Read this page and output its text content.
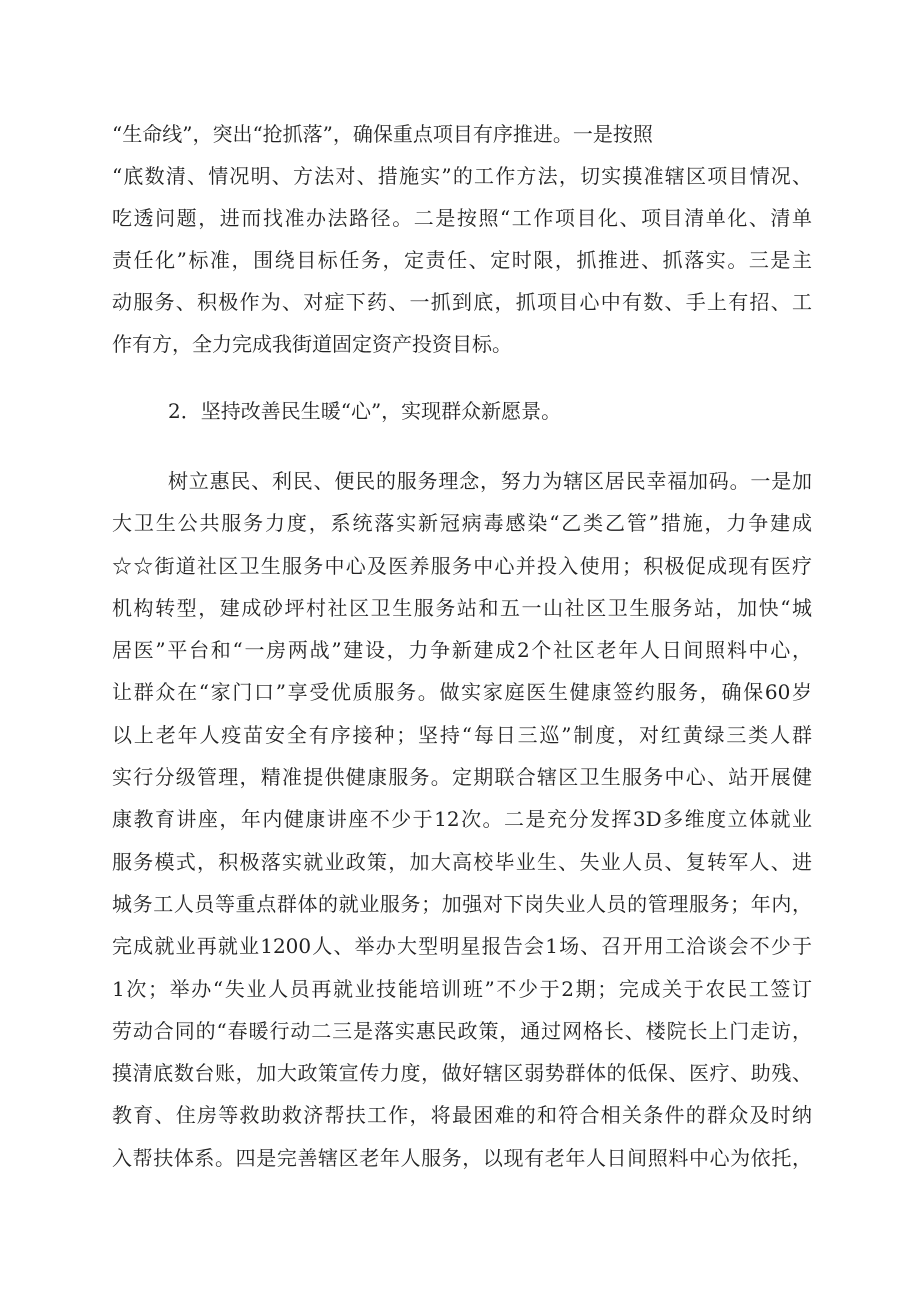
“生命线”，突出“抢抓落”，确保重点项目有序推进。一是按照
“底数清、情况明、方法对、措施实”的工作方法，切实摸准辖区项目情况、
吃透问题，进而找准办法路径。二是按照“工作项目化、项目清单化、清单
责任化”标准，围绕目标任务，定责任、定时限，抓推进、抓落实。三是主
动服务、积极作为、对症下药、一抓到底，抓项目心中有数、手上有招、工
作有方，全力完成我街道固定资产投资目标。
2．坚持改善民生暖“心”，实现群众新愿景。
树立惠民、利民、便民的服务理念，努力为辖区居民幸福加码。一是加
大卫生公共服务力度，系统落实新冠病毒感染“乙类乙管”措施，力争建成
☆☆街道社区卫生服务中心及医养服务中心并投入使用；积极促成现有医疗
机构转型，建成砂坪村社区卫生服务站和五一山社区卫生服务站，加快“城
居医”平台和“一房两战”建设，力争新建成2个社区老年人日间照料中心，
让群众在“家门口”享受优质服务。做实家庭医生健康签约服务，确保60岁
以上老年人疫苗安全有序接种；坚持“每日三巡”制度，对红黄绿三类人群
实行分级管理，精准提供健康服务。定期联合辖区卫生服务中心、站开展健
康教育讲座，年内健康讲座不少于12次。二是充分发挥3D多维度立体就业
服务模式，积极落实就业政策，加大高校毕业生、失业人员、复转军人、进
城务工人员等重点群体的就业服务；加强对下岗失业人员的管理服务；年内，
完成就业再就业1200人、举办大型明星报告会1场、召开用工洽谈会不少于
1次；举办“失业人员再就业技能培训班”不少于2期；完成关于农民工签订
劳动合同的“春暖行动二三是落实惠民政策，通过网格长、楼院长上门走访，
摸清底数台账，加大政策宣传力度，做好辖区弱势群体的低保、医疗、助残、
教育、住房等救助救济帮扶工作，将最困难的和符合相关条件的群众及时纳
入帮扶体系。四是完善辖区老年人服务，以现有老年人日间照料中心为依托，
